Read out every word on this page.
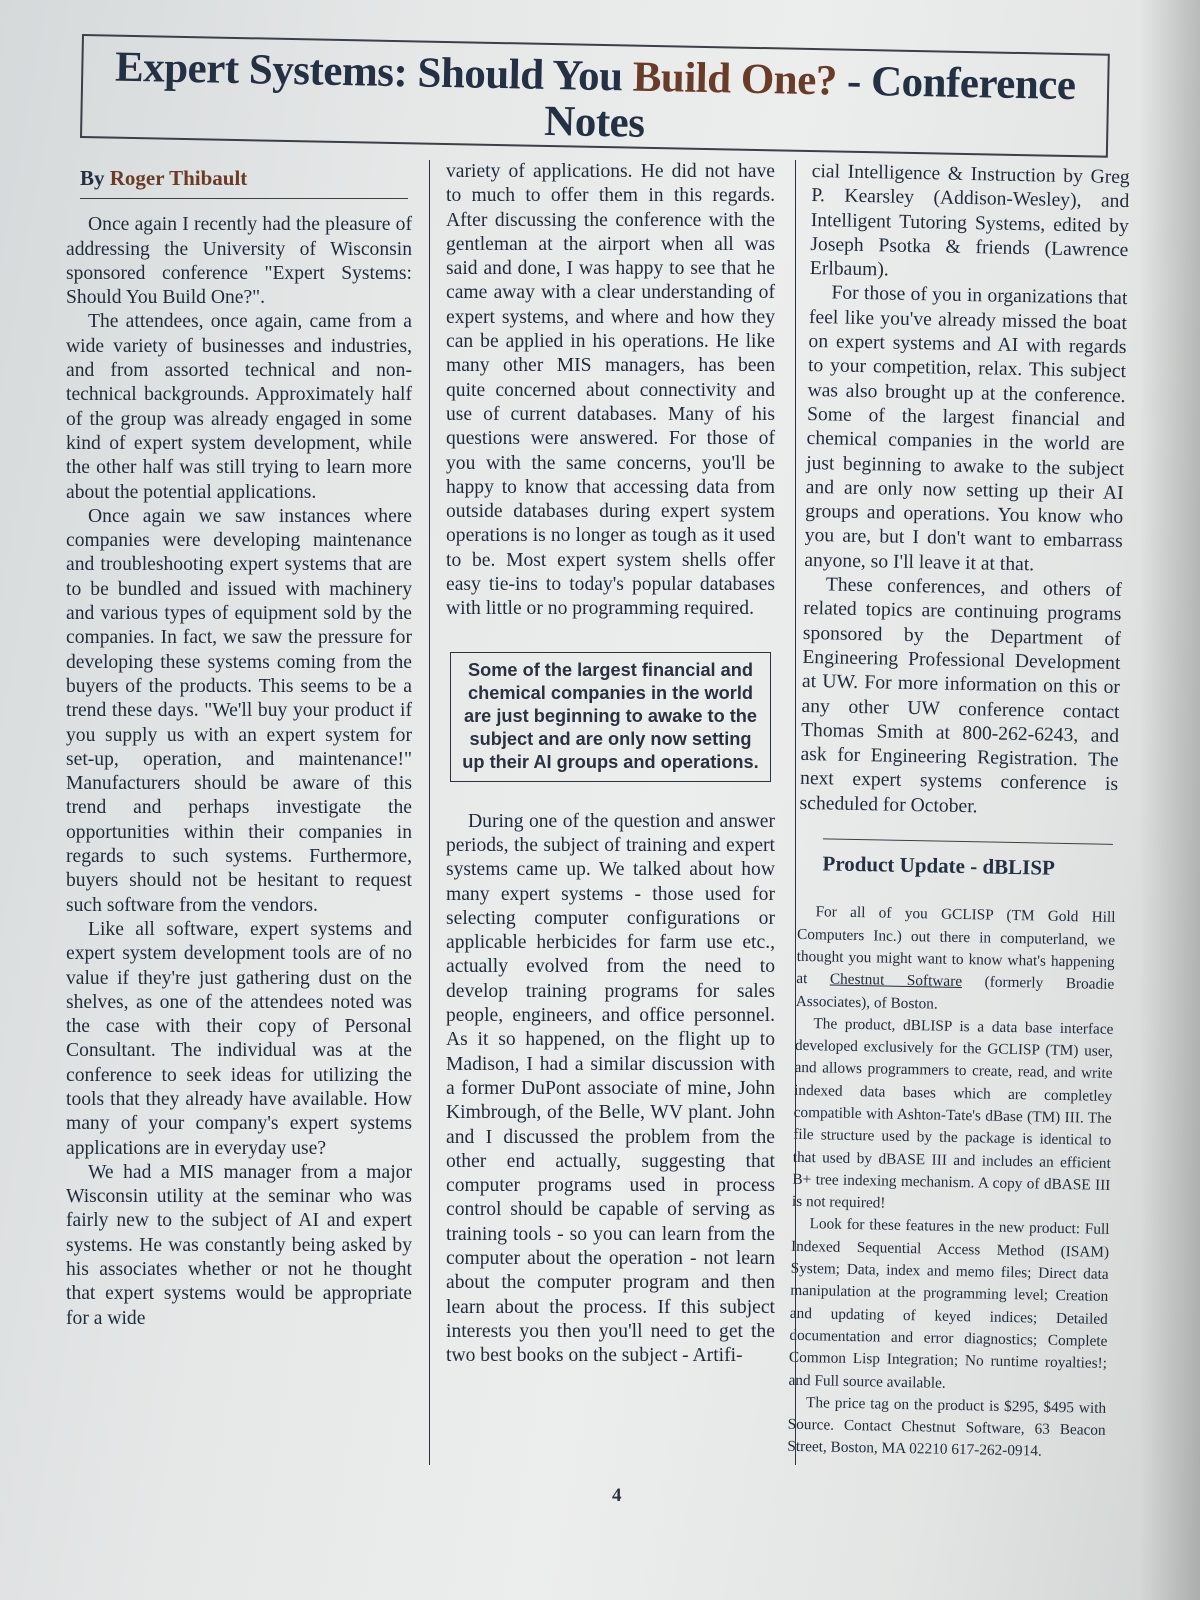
Expert Systems: Should You Build One? - Conference
Notes
By Roger Thibault

Once again I recently had the pleasure of addressing the University of Wisconsin sponsored conference "Expert Systems: Should You Build One?".

The attendees, once again, came from a wide variety of businesses and industries, and from assorted technical and non-technical backgrounds. Approximately half of the group was already engaged in some kind of expert system development, while the other half was still trying to learn more about the potential applications.

Once again we saw instances where companies were developing maintenance and troubleshooting expert systems that are to be bundled and issued with machinery and various types of equipment sold by the companies. In fact, we saw the pressure for developing these systems coming from the buyers of the products. This seems to be a trend these days. "We'll buy your product if you supply us with an expert system for set-up, operation, and maintenance!" Manufacturers should be aware of this trend and perhaps investigate the opportunities within their companies in regards to such systems. Furthermore, buyers should not be hesitant to request such software from the vendors.

Like all software, expert systems and expert system development tools are of no value if they're just gathering dust on the shelves, as one of the attendees noted was the case with their copy of Personal Consultant. The individual was at the conference to seek ideas for utilizing the tools that they already have available. How many of your company's expert systems applications are in everyday use?

We had a MIS manager from a major Wisconsin utility at the seminar who was fairly new to the subject of AI and expert systems. He was constantly being asked by his associates whether or not he thought that expert systems would be appropriate for a wide

variety of applications. He did not have to much to offer them in this regards. After discussing the conference with the gentleman at the airport when all was said and done, I was happy to see that he came away with a clear understanding of expert systems, and where and how they can be applied in his operations. He like many other MIS managers, has been quite concerned about connectivity and use of current databases. Many of his questions were answered. For those of you with the same concerns, you'll be happy to know that accessing data from outside databases during expert system operations is no longer as tough as it used to be. Most expert system shells offer easy tie-ins to today's popular databases with little or no programming required.

Some of the largest financial and chemical companies in the world are just beginning to awake to the subject and are only now setting up their AI groups and operations.

During one of the question and answer periods, the subject of training and expert systems came up. We talked about how many expert systems - those used for selecting computer configurations or applicable herbicides for farm use etc., actually evolved from the need to develop training programs for sales people, engineers, and office personnel. As it so happened, on the flight up to Madison, I had a similar discussion with a former DuPont associate of mine, John Kimbrough, of the Belle, WV plant. John and I discussed the problem from the other end actually, suggesting that computer programs used in process control should be capable of serving as training tools - so you can learn from the computer about the operation - not learn about the computer program and then learn about the process. If this subject interests you then you'll need to get the two best books on the subject - Artifi-

cial Intelligence & Instruction by Greg P. Kearsley (Addison-Wesley), and Intelligent Tutoring Systems, edited by Joseph Psotka & friends (Lawrence Erlbaum).

For those of you in organizations that feel like you've already missed the boat on expert systems and AI with regards to your competition, relax. This subject was also brought up at the conference. Some of the largest financial and chemical companies in the world are just beginning to awake to the subject and are only now setting up their AI groups and operations. You know who you are, but I don't want to embarrass anyone, so I'll leave it at that.

These conferences, and others of related topics are continuing programs sponsored by the Department of Engineering Professional Development at UW. For more information on this or any other UW conference contact Thomas Smith at 800-262-6243, and ask for Engineering Registration. The next expert systems conference is scheduled for October.

Product Update - dBLISP

For all of you GCLISP (TM Gold Hill Computers Inc.) out there in computerland, we thought you might want to know what's happening at Chestnut Software (formerly Broadie Associates), of Boston.

The product, dBLISP is a data base interface developed exclusively for the GCLISP (TM) user, and allows programmers to create, read, and write indexed data bases which are completley compatible with Ashton-Tate's dBase (TM) III. The file structure used by the package is identical to that used by dBASE III and includes an efficient B+ tree indexing mechanism. A copy of dBASE III is not required!

Look for these features in the new product: Full Indexed Sequential Access Method (ISAM) System; Data, index and memo files; Direct data manipulation at the programming level; Creation and updating of keyed indices; Detailed documentation and error diagnostics; Complete Common Lisp Integration; No runtime royalties!; and Full source available.

The price tag on the product is $295, $495 with Source. Contact Chestnut Software, 63 Beacon Street, Boston, MA 02210 617-262-0914.

4
